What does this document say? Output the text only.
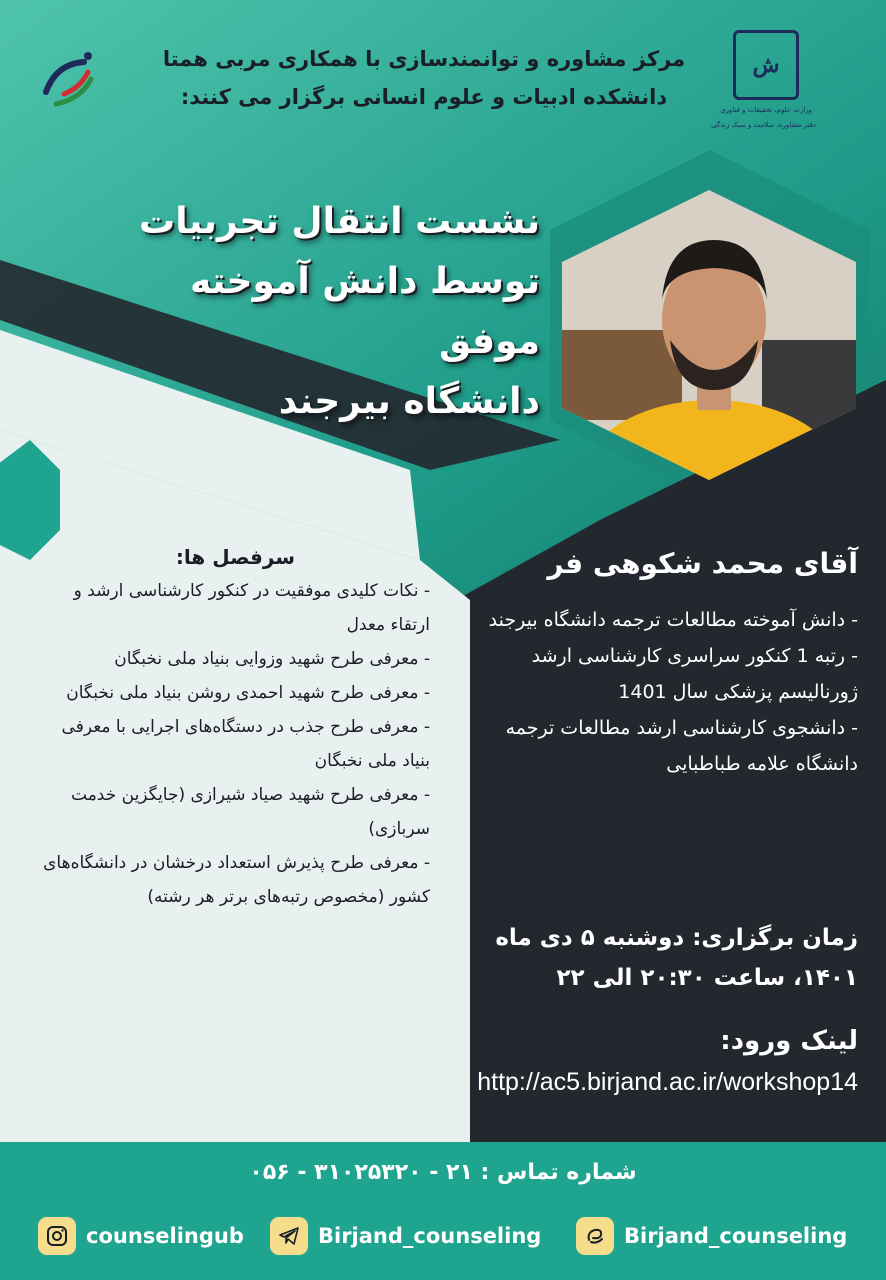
ش
وزارت علوم، تحقیقات و فناوری
دفتر مشاوره، سلامت و سبک زندگی
مرکز مشاوره و توانمندسازی با همکاری مربی همتا
دانشکده ادبیات و علوم انسانی برگزار می کنند:
نشست انتقال تجربیات
توسط دانش آموخته موفق
دانشگاه بیرجند
سرفصل ها:
- نکات کلیدی موفقیت در کنکور کارشناسی ارشد و ارتقاء معدل
- معرفی طرح شهید وزوایی بنیاد ملی نخبگان
- معرفی طرح شهید احمدی روشن بنیاد ملی نخبگان
- معرفی طرح جذب در دستگاه‌های اجرایی با معرفی بنیاد ملی نخبگان
- معرفی طرح شهید صیاد شیرازی (جایگزین خدمت سربازی)
- معرفی طرح پذیرش استعداد درخشان در دانشگاه‌های کشور (مخصوص رتبه‌های برتر هر رشته)
آقای محمد شکوهی فر
- دانش آموخته مطالعات ترجمه دانشگاه بیرجند
- رتبه 1 کنکور سراسری کارشناسی ارشد ژورنالیسم پزشکی سال 1401
- دانشجوی کارشناسی ارشد مطالعات ترجمه دانشگاه علامه طباطبایی
زمان برگزاری: دوشنبه ۵ دی ماه
۱۴۰۱، ساعت ۲۰:۳۰ الی ۲۲
لینک ورود:
http://ac5.birjand.ac.ir/workshop14
شماره تماس : ۲۱ - ۳۱۰۲۵۳۲۰ - ۰۵۶
counselingub	Birjand_counseling	Birjand_counseling
